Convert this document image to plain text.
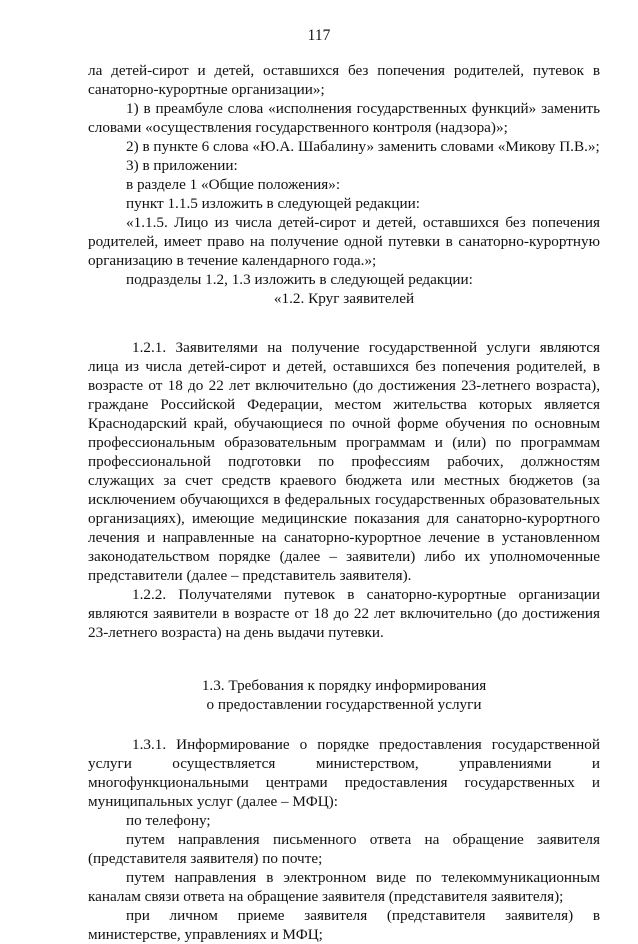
117

ла детей-сирот и детей, оставшихся без попечения родителей, путевок в санаторно-курортные организации»;

1) в преамбуле слова «исполнения государственных функций» заменить словами «осуществления государственного контроля (надзора)»;

2) в пункте 6 слова «Ю.А. Шабалину» заменить словами «Микову П.В.»;

3) в приложении:

в разделе 1 «Общие положения»:

пункт 1.1.5 изложить в следующей редакции:

«1.1.5. Лицо из числа детей-сирот и детей, оставшихся без попечения родителей, имеет право на получение одной путевки в санаторно-курортную организацию в течение календарного года.»;

подразделы 1.2, 1.3 изложить в следующей редакции:

«1.2. Круг заявителей

1.2.1. Заявителями на получение государственной услуги являются лица из числа детей-сирот и детей, оставшихся без попечения родителей, в возрасте от 18 до 22 лет включительно (до достижения 23-летнего возраста), граждане Российской Федерации, местом жительства которых является Краснодарский край, обучающиеся по очной форме обучения по основным профессиональным образовательным программам и (или) по программам профессиональной подготовки по профессиям рабочих, должностям служащих за счет средств краевого бюджета или местных бюджетов (за исключением обучающихся в федеральных государственных образовательных организациях), имеющие медицинские показания для санаторно-курортного лечения и направленные на санаторно-курортное лечение в установленном законодательством порядке (далее – заявители) либо их уполномоченные представители (далее – представитель заявителя).

1.2.2. Получателями путевок в санаторно-курортные организации являются заявители в возрасте от 18 до 22 лет включительно (до достижения 23-летнего возраста) на день выдачи путевки.

1.3. Требования к порядку информирования

о предоставлении государственной услуги

1.3.1. Информирование о порядке предоставления государственной услуги осуществляется министерством, управлениями и многофункциональными центрами предоставления государственных и муниципальных услуг (далее – МФЦ):

по телефону;

путем направления письменного ответа на обращение заявителя (представителя заявителя) по почте;

путем направления в электронном виде по телекоммуникационным каналам связи ответа на обращение заявителя (представителя заявителя);

при личном приеме заявителя (представителя заявителя) в министерстве, управлениях и МФЦ;
